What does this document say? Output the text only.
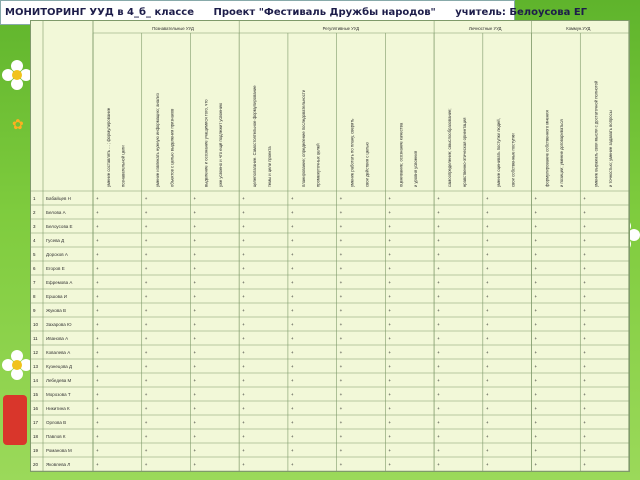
МОНИТОРИНГ УУД в 4_б_ классе Проект "Фестиваль Дружбы народов" учитель: Белоусова ЕГ
✿
Познавательные УУД	Регулятивные УУД	Личностные УУД	Коммун.УУД
умение составлять ... ; формулирование познавательной цели	умение извлекать нужную информацию; анализ объектов с целью выделения признаков	выделение и осознание учащимися того, что уже усвоено и что ещё подлежит усвоению	целеполагание. Самостоятельное формулирование темы и цели проекта	планирование; определение последовательности промежуточных целей	умение работать по плану, сверять свои действия с целью	оценивание; осознание качества и уровня усвоения	самоопределение; смыслообразование; нравственно-этическая ориентация	умение оценивать поступки людей, свои собственные поступки	формулирование собственного мнения и позиции; умение договариваться	умение выражать свои мысли с достаточной полнотой и точностью; умение задавать вопросы
1 Бабайцев Н	+	+	+	+	+	+	+	+	+	+	+
2 Белова А	+	+	+	+	+	+	+	+	+	+	+
3 Белоусова Е	+	+	+	+	+	+	+	+	+	+	+
4 Гусева Д	+	+	+	+	+	+	+	+	+	+	+
5 Дорохов А	+	+	+	+	+	+	+	+	+	+	+
6 Егоров Е	+	+	+	+	+	+	+	+	+	+	+
7 Ефремова А	+	+	+	+	+	+	+	+	+	+	+
8 Ершова И	+	+	+	+	+	+	+	+	+	+	+
9 Жукова В	+	+	+	+	+	+	+	+	+	+	+
10 Захарова Ю	+	+	+	+	+	+	+	+	+	+	+
11 Иванова А	+	+	+	+	+	+	+	+	+	+	+
12 Ковалева А	+	+	+	+	+	+	+	+	+	+	+
13 Кузнецова Д	+	+	+	+	+	+	+	+	+	+	+
14 Лебедева М	+	+	+	+	+	+	+	+	+	+	+
15 Морозова Т	+	+	+	+	+	+	+	+	+	+	+
16 Никитина К	+	+	+	+	+	+	+	+	+	+	+
17 Орлова В	+	+	+	+	+	+	+	+	+	+	+
18 Павлов К	+	+	+	+	+	+	+	+	+	+	+
19 Романова М	+	+	+	+	+	+	+	+	+	+	+
20 Яковлева Л	+	+	+	+	+	+	+	+	+	+	+
